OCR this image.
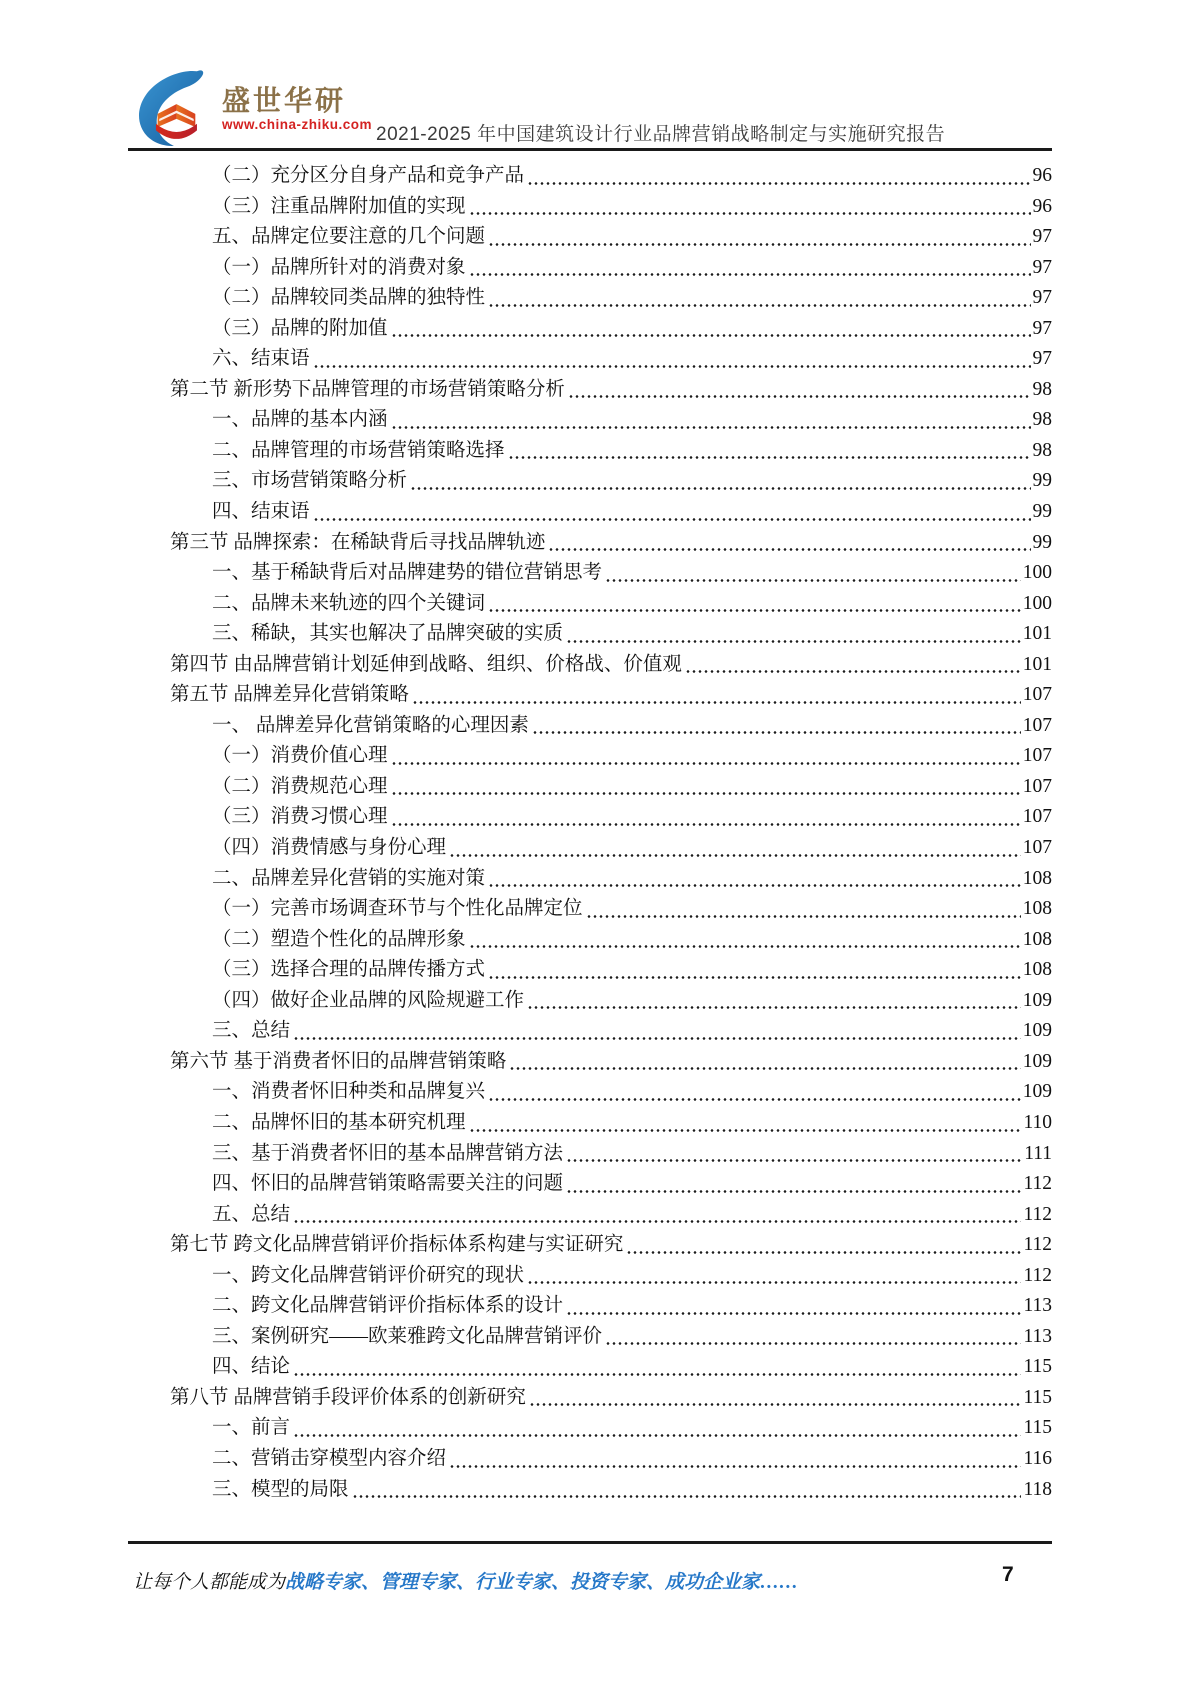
盛世华研
www.china-zhiku.com 2021-2025 年中国建筑设计行业品牌营销战略制定与实施研究报告
（二）充分区分自身产品和竞争产品	96
（三）注重品牌附加值的实现	96
五、品牌定位要注意的几个问题	97
（一）品牌所针对的消费对象	97
（二）品牌较同类品牌的独特性	97
（三）品牌的附加值	97
六、结束语	97
第二节 新形势下品牌管理的市场营销策略分析	98
一、品牌的基本内涵	98
二、品牌管理的市场营销策略选择	98
三、市场营销策略分析	99
四、结束语	99
第三节 品牌探索：在稀缺背后寻找品牌轨迹	99
一、基于稀缺背后对品牌建势的错位营销思考	100
二、品牌未来轨迹的四个关键词	100
三、稀缺，其实也解决了品牌突破的实质	101
第四节 由品牌营销计划延伸到战略、组织、价格战、价值观	101
第五节 品牌差异化营销策略	107
一、 品牌差异化营销策略的心理因素	107
（一）消费价值心理	107
（二）消费规范心理	107
（三）消费习惯心理	107
（四）消费情感与身份心理	107
二、品牌差异化营销的实施对策	108
（一）完善市场调查环节与个性化品牌定位	108
（二）塑造个性化的品牌形象	108
（三）选择合理的品牌传播方式	108
（四）做好企业品牌的风险规避工作	109
三、总结	109
第六节 基于消费者怀旧的品牌营销策略	109
一、消费者怀旧种类和品牌复兴	109
二、品牌怀旧的基本研究机理	110
三、基于消费者怀旧的基本品牌营销方法	111
四、怀旧的品牌营销策略需要关注的问题	112
五、总结	112
第七节 跨文化品牌营销评价指标体系构建与实证研究	112
一、跨文化品牌营销评价研究的现状	112
二、跨文化品牌营销评价指标体系的设计	113
三、案例研究——欧莱雅跨文化品牌营销评价	113
四、结论	115
第八节 品牌营销手段评价体系的创新研究	115
一、前言	115
二、营销击穿模型内容介绍	116
三、模型的局限	118
让每个人都能成为战略专家、管理专家、行业专家、投资专家、成功企业家……	7
